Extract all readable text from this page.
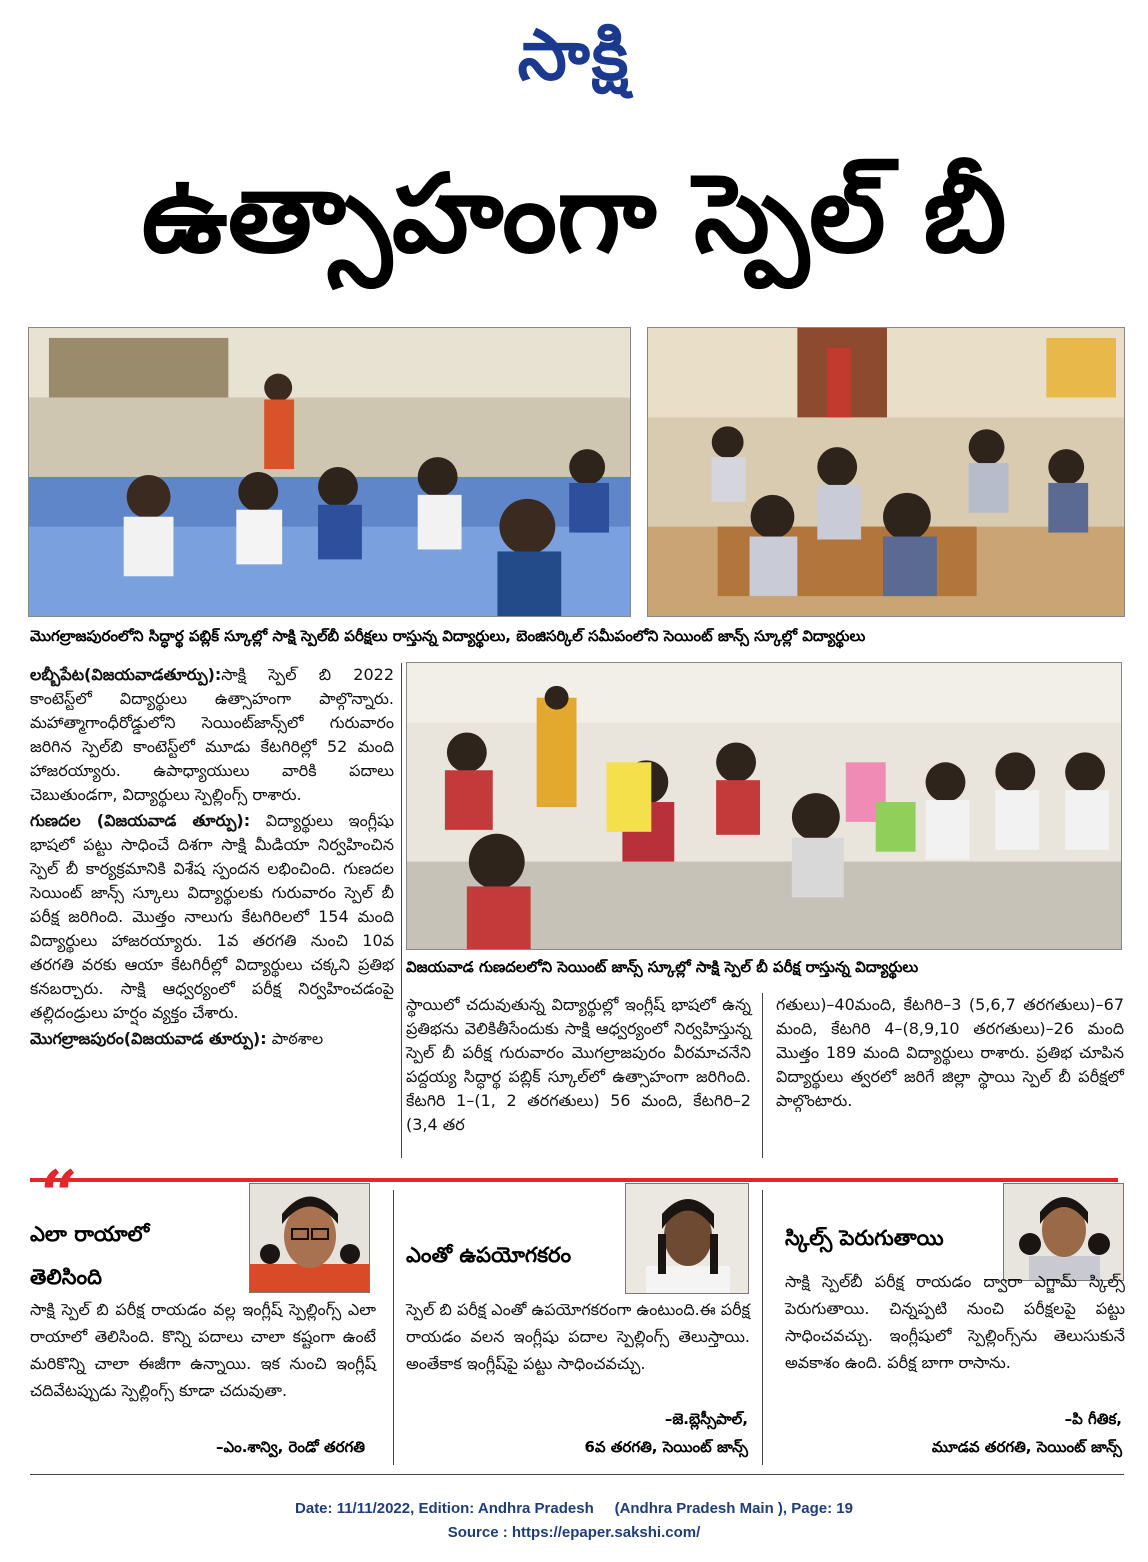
సాక్షి
ఉత్సాహంగా స్పెల్ బీ
మొగల్రాజపురంలోని సిద్ధార్థ పబ్లిక్ స్కూల్లో సాక్షి స్పెల్‌బీ పరీక్షలు రాస్తున్న విద్యార్థులు, బెంజిసర్కిల్ సమీపంలోని సెయింట్ జాన్స్ స్కూల్లో విద్యార్థులు

లబ్బీపేట(విజయవాడతూర్పు):సాక్షి స్పెల్ బి 2022 కాంటెస్ట్‌లో విద్యార్థులు ఉత్సాహంగా పాల్గొన్నారు. మహాత్మాగాంధీరోడ్డులోని సెయింట్‌జాన్స్‌లో గురువారం జరిగిన స్పెల్‌బి కాంటెస్ట్‌లో మూడు కేటగిరిల్లో 52 మంది హాజరయ్యారు. ఉపాధ్యాయులు వారికి పదాలు చెబుతుండగా, విద్యార్థులు స్పెల్లింగ్స్ రాశారు.

గుణదల (విజయవాడ తూర్పు): విద్యార్థులు ఇంగ్లీషు భాషలో పట్టు సాధించే దిశగా సాక్షి మీడియా నిర్వహించిన స్పెల్ బీ కార్యక్రమానికి విశేష స్పందన లభించింది. గుణదల సెయింట్ జాన్స్ స్కూలు విద్యార్థులకు గురువారం స్పెల్ బీ పరీక్ష జరిగింది. మొత్తం నాలుగు కేటగిరిలలో 154 మంది విద్యార్థులు హాజరయ్యారు. 1వ తరగతి నుంచి 10వ తరగతి వరకు ఆయా కేటగిరీల్లో విద్యార్థులు చక్కని ప్రతిభ కనబర్చారు. సాక్షి ఆధ్వర్యంలో పరీక్ష నిర్వహించడంపై తల్లిదండ్రులు హర్షం వ్యక్తం చేశారు.

మొగల్రాజపురం(విజయవాడ తూర్పు): పాఠశాల

విజయవాడ గుణదలలోని సెయింట్ జాన్స్ స్కూల్లో సాక్షి స్పెల్ బీ పరీక్ష రాస్తున్న విద్యార్థులు
స్థాయిలో చదువుతున్న విద్యార్థుల్లో ఇంగ్లీష్ భాషలో ఉన్న ప్రతిభను వెలికితీసేందుకు సాక్షి ఆధ్వర్యంలో నిర్వహిస్తున్న స్పెల్ బీ పరీక్ష గురువారం మొగల్రాజపురం వీరమాచనేని పద్దయ్య సిద్ధార్థ పబ్లిక్ స్కూల్‌లో ఉత్సాహంగా జరిగింది. కేటగిరి 1–(1, 2 తరగతులు) 56 మంది, కేటగిరి–2 (3,4 తర
గతులు)–40మంది, కేటగిరి–3 (5,6,7 తరగతులు)–67 మంది, కేటగిరి 4–(8,9,10 తరగతులు)–26 మంది మొత్తం 189 మంది విద్యార్థులు రాశారు. ప్రతిభ చూపిన విద్యార్థులు త్వరలో జరిగే జిల్లా స్థాయి స్పెల్ బీ పరీక్షలో పాల్గొంటారు.
“
ఎలా రాయాలో
తెలిసింది
సాక్షి స్పెల్ బి పరీక్ష రాయడం వల్ల ఇంగ్లీష్ స్పెల్లింగ్స్ ఎలా రాయాలో తెలిసింది. కొన్ని పదాలు చాలా కష్టంగా ఉంటే మరికొన్ని చాలా ఈజీగా ఉన్నాయి. ఇక నుంచి ఇంగ్లీష్ చదివేటప్పుడు స్పెల్లింగ్స్ కూడా చదువుతా.
–ఎం.శాన్వి, రెండో తరగతి
ఎంతో ఉపయోగకరం
స్పెల్ బి పరీక్ష ఎంతో ఉపయోగకరంగా ఉంటుంది.ఈ పరీక్ష రాయడం వలన ఇంగ్లీషు పదాల స్పెల్లింగ్స్ తెలుస్తాయి. అంతేకాక ఇంగ్లీష్‌పై పట్టు సాధించవచ్చు.
–జె.బ్లెస్సీపాల్,
6వ తరగతి, సెయింట్ జాన్స్
స్కిల్స్ పెరుగుతాయి
సాక్షి స్పెల్‌బీ పరీక్ష రాయడం ద్వారా ఎగ్జామ్ స్కిల్స్ పెరుగుతాయి. చిన్నప్పటి నుంచి పరీక్షలపై పట్టు సాధించవచ్చు. ఇంగ్లీషులో స్పెల్లింగ్స్‌ను తెలుసుకునే అవకాశం ఉంది. పరీక్ష బాగా రాసాను.
–పి గీతిక,
మూడవ తరగతి, సెయింట్ జాన్స్
Date: 11/11/2022, Edition: Andhra Pradesh     (Andhra Pradesh Main ), Page: 19
Source : https://epaper.sakshi.com/
